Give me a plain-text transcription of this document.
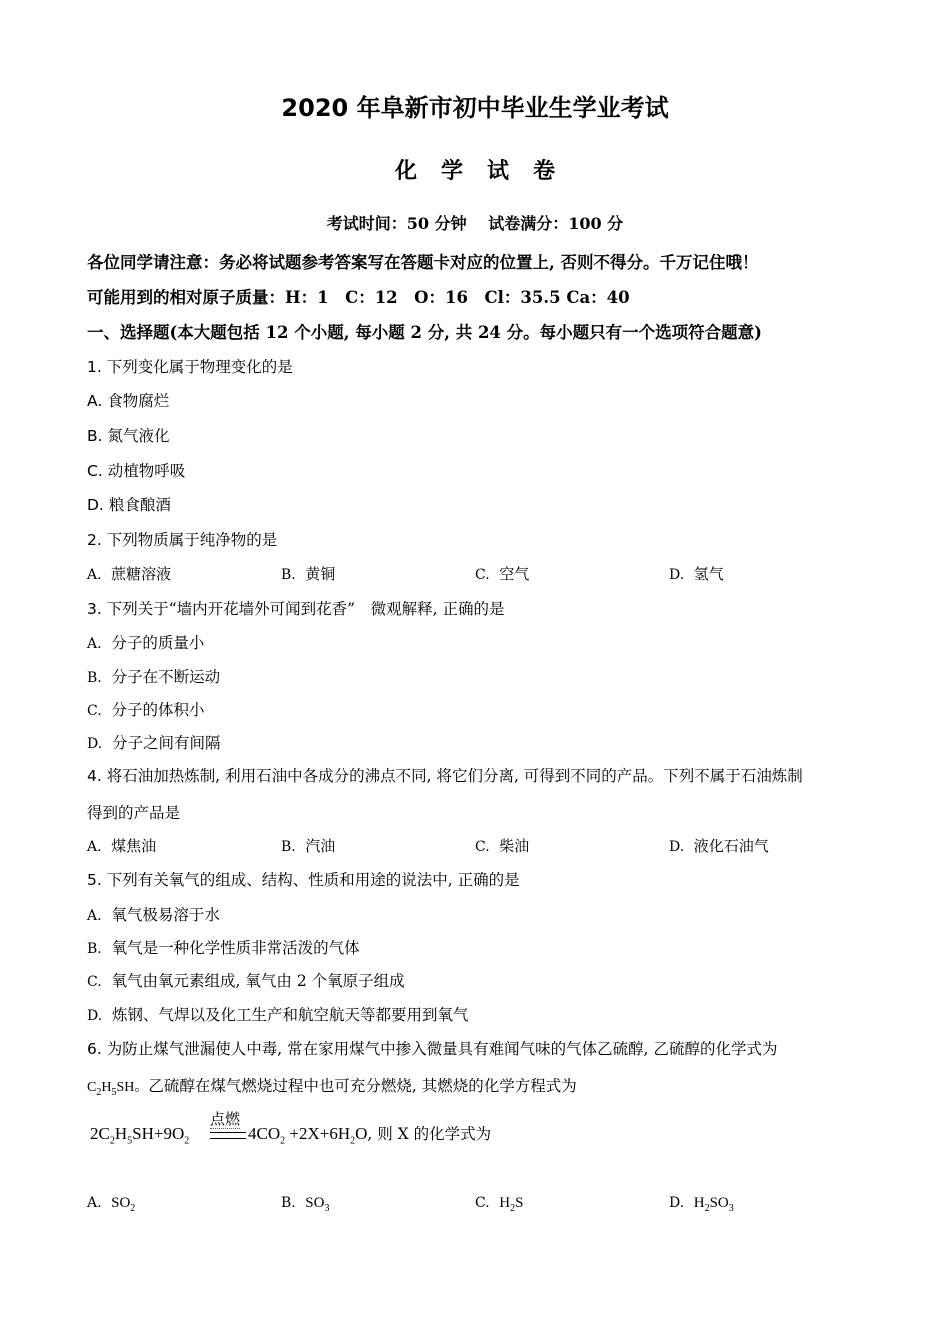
2020 年阜新市初中毕业生学业考试
化学试卷
考试时间：50 分钟　 试卷满分：100 分
各位同学请注意：务必将试题参考答案写在答题卡对应的位置上, 否则不得分。千万记住哦！
可能用到的相对原子质量：H：1　C：12　O：16　Cl：35.5 Ca：40
一、选择题(本大题包括 12 个小题, 每小题 2 分, 共 24 分。每小题只有一个选项符合题意)
1. 下列变化属于物理变化的是
A. 食物腐烂
B. 氮气液化
C. 动植物呼吸
D. 粮食酿酒
2. 下列物质属于纯净物的是
A. 蔗糖溶液	B. 黄铜	C. 空气	D. 氢气
3. 下列关于“墙内开花墙外可闻到花香”　微观解释, 正确的是
A. 分子的质量小
B. 分子在不断运动
C. 分子的体积小
D. 分子之间有间隔
4. 将石油加热炼制, 利用石油中各成分的沸点不同, 将它们分离, 可得到不同的产品。下列不属于石油炼制
得到的产品是
A. 煤焦油	B. 汽油	C. 柴油	D. 液化石油气
5. 下列有关氧气的组成、结构、性质和用途的说法中, 正确的是
A. 氧气极易溶于水
B. 氧气是一种化学性质非常活泼的气体
C. 氧气由氧元素组成, 氧气由 2 个氧原子组成
D. 炼钢、气焊以及化工生产和航空航天等都要用到氧气
6. 为防止煤气泄漏使人中毒, 常在家用煤气中掺入微量具有难闻气味的气体乙硫醇, 乙硫醇的化学式为
$C_2H_5SH$。乙硫醇在煤气燃烧过程中也可充分燃烧, 其燃烧的化学方程式为
点燃
$2C_2H_5SH+9O_2$	$4CO_2 +2X+6H_2O$, 则 X 的化学式为
A. $SO_2$	B. $SO_3$	C. $H_2S$	D. $H_2SO_3$
